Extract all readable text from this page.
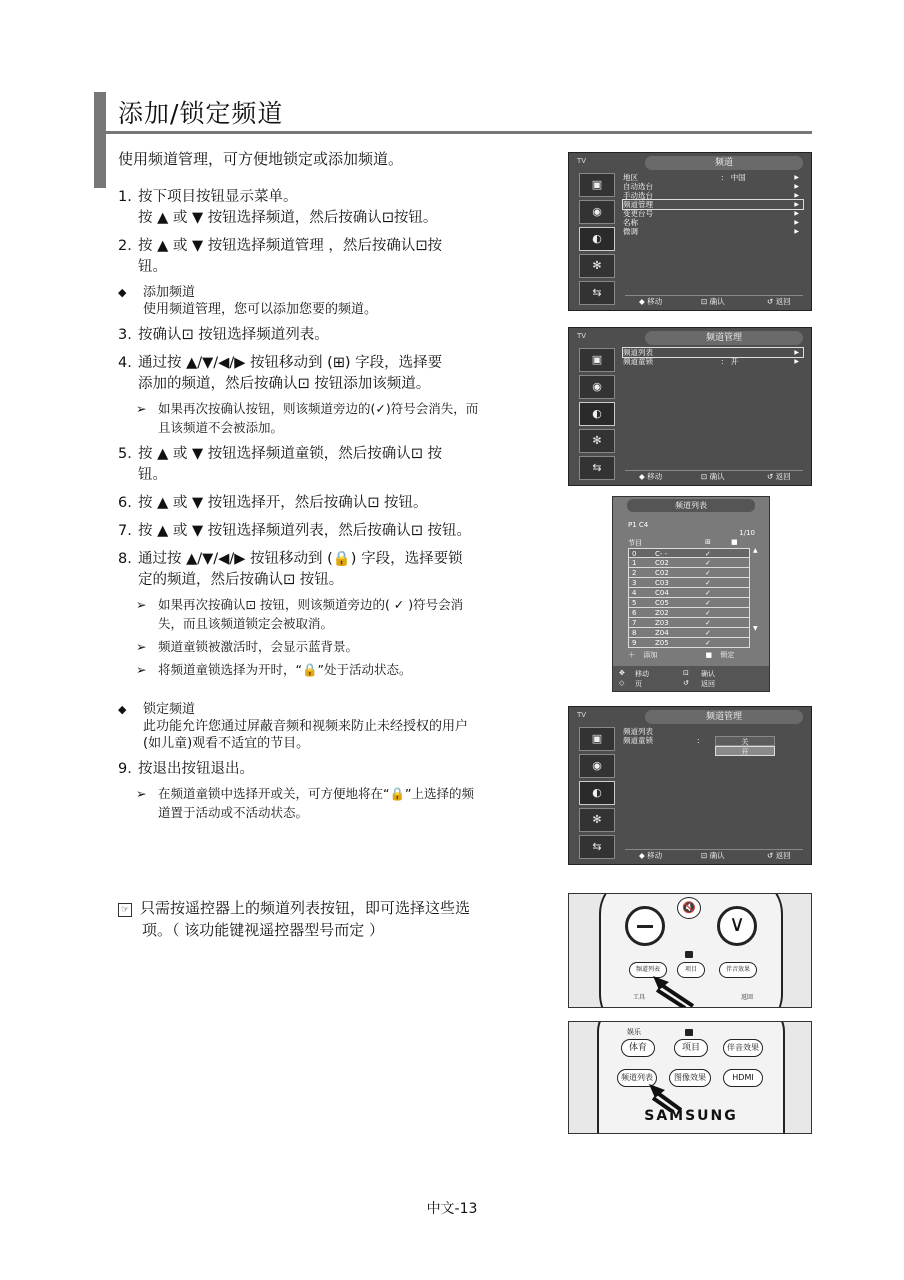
添加/锁定频道
使用频道管理，可方便地锁定或添加频道。
1. 按下项目按钮显示菜单。
按 ▲ 或 ▼ 按钮选择频道，然后按确认⊡按钮。
2. 按 ▲ 或 ▼ 按钮选择频道管理 ，然后按确认⊡按
钮。
◆ 添加频道
使用频道管理，您可以添加您要的频道。
3. 按确认⊡ 按钮选择频道列表。
4. 通过按 ▲/▼/◀/▶ 按钮移动到 (⊞) 字段，选择要
添加的频道，然后按确认⊡ 按钮添加该频道。
➢ 如果再次按确认按钮，则该频道旁边的(✓)符号会消失，而
且该频道不会被添加。
5. 按 ▲ 或 ▼ 按钮选择频道童锁，然后按确认⊡ 按
钮。
6. 按 ▲ 或 ▼ 按钮选择开，然后按确认⊡ 按钮。
7. 按 ▲ 或 ▼ 按钮选择频道列表，然后按确认⊡ 按钮。
8. 通过按 ▲/▼/◀/▶ 按钮移动到 (🔒) 字段，选择要锁
定的频道，然后按确认⊡ 按钮。
➢ 如果再次按确认⊡ 按钮，则该频道旁边的( ✓ )符号会消
失，而且该频道锁定会被取消。
➢ 频道童锁被激活时，会显示蓝背景。
➢ 将频道童锁选择为开时，“🔒”处于活动状态。
◆ 锁定频道
此功能允许您通过屏蔽音频和视频来防止未经授权的用户
(如儿童)观看不适宜的节目。
9. 按退出按钮退出。
➢ 在频道童锁中选择开或关，可方便地将在“🔒”上选择的频
道置于活动或不活动状态。
☞ 只需按遥控器上的频道列表按钮，即可选择这些选
项。（ 该功能键视遥控器型号而定 ）
TV	频道
▣
◉
◐
✻
⇆
地区	: 中国	▶
自动选台	▶
手动选台	▶
频道管理	▶
变更台号	▶
名称	▶
微调	▶
◆ 移动	⊡ 确认	↺ 返回
TV	频道管理
▣
◉
◐
✻
⇆
频道列表	▶
频道童锁	: 开	▶
◆ 移动	⊡ 确认	↺ 返回
频道列表
P1 C4
1/10
节目	⊞	■
0	C- -	✓
1	C02	✓
2	C02	✓
3	C03	✓
4	C04	✓
5	C05	✓
6	Z02	✓
7	Z03	✓
8	Z04	✓
9	Z05	✓
▲
▼
＋ 添加	■ 锁定
✥ 移动	⊡ 确认
◇ 页	↺ 返回
TV	频道管理
▣
◉
◐
✻
⇆
频道列表
频道童锁	:	关
开
◆ 移动	⊡ 确认	↺ 返回
∨
🔇
频道列表	项目	伴音效果
工具	返回
娱乐
体育	项目	伴音效果
频道列表	图像效果	HDMI
SAMSUNG
中文-13
